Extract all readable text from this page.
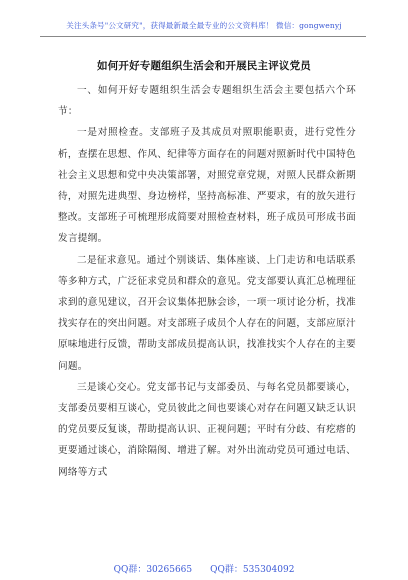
关注头条号"公文研究"，获得最新最全最专业的公文资料库！ 微信：gongwenyj
如何开好专题组织生活会和开展民主评议党员

一、如何开好专题组织生活会专题组织生活会主要包括六个环节：

一是对照检查。支部班子及其成员对照职能职责，进行党性分析，查摆在思想、作风、纪律等方面存在的问题对照新时代中国特色社会主义思想和党中央决策部署，对照党章党规，对照人民群众新期待，对照先进典型、身边榜样，坚持高标准、严要求，有的放矢进行整改。支部班子可梳理形成简要对照检查材料，班子成员可形成书面发言提纲。

二是征求意见。通过个别谈话、集体座谈、上门走访和电话联系等多种方式，广泛征求党员和群众的意见。党支部要认真汇总梳理征求到的意见建议，召开会议集体把脉会诊，一项一项讨论分析，找准找实存在的突出问题。对支部班子成员个人存在的问题，支部应原汁原味地进行反馈，帮助支部成员提高认识，找准找实个人存在的主要问题。

三是谈心交心。党支部书记与支部委员、与每名党员都要谈心，支部委员要相互谈心，党员彼此之间也要谈心对存在问题又缺乏认识的党员要反复谈，帮助提高认识、正视问题；平时有分歧、有疙瘩的更要通过谈心，消除隔阂、增进了解。对外出流动党员可通过电话、网络等方式

QQ群：30265665 QQ群：535304092
